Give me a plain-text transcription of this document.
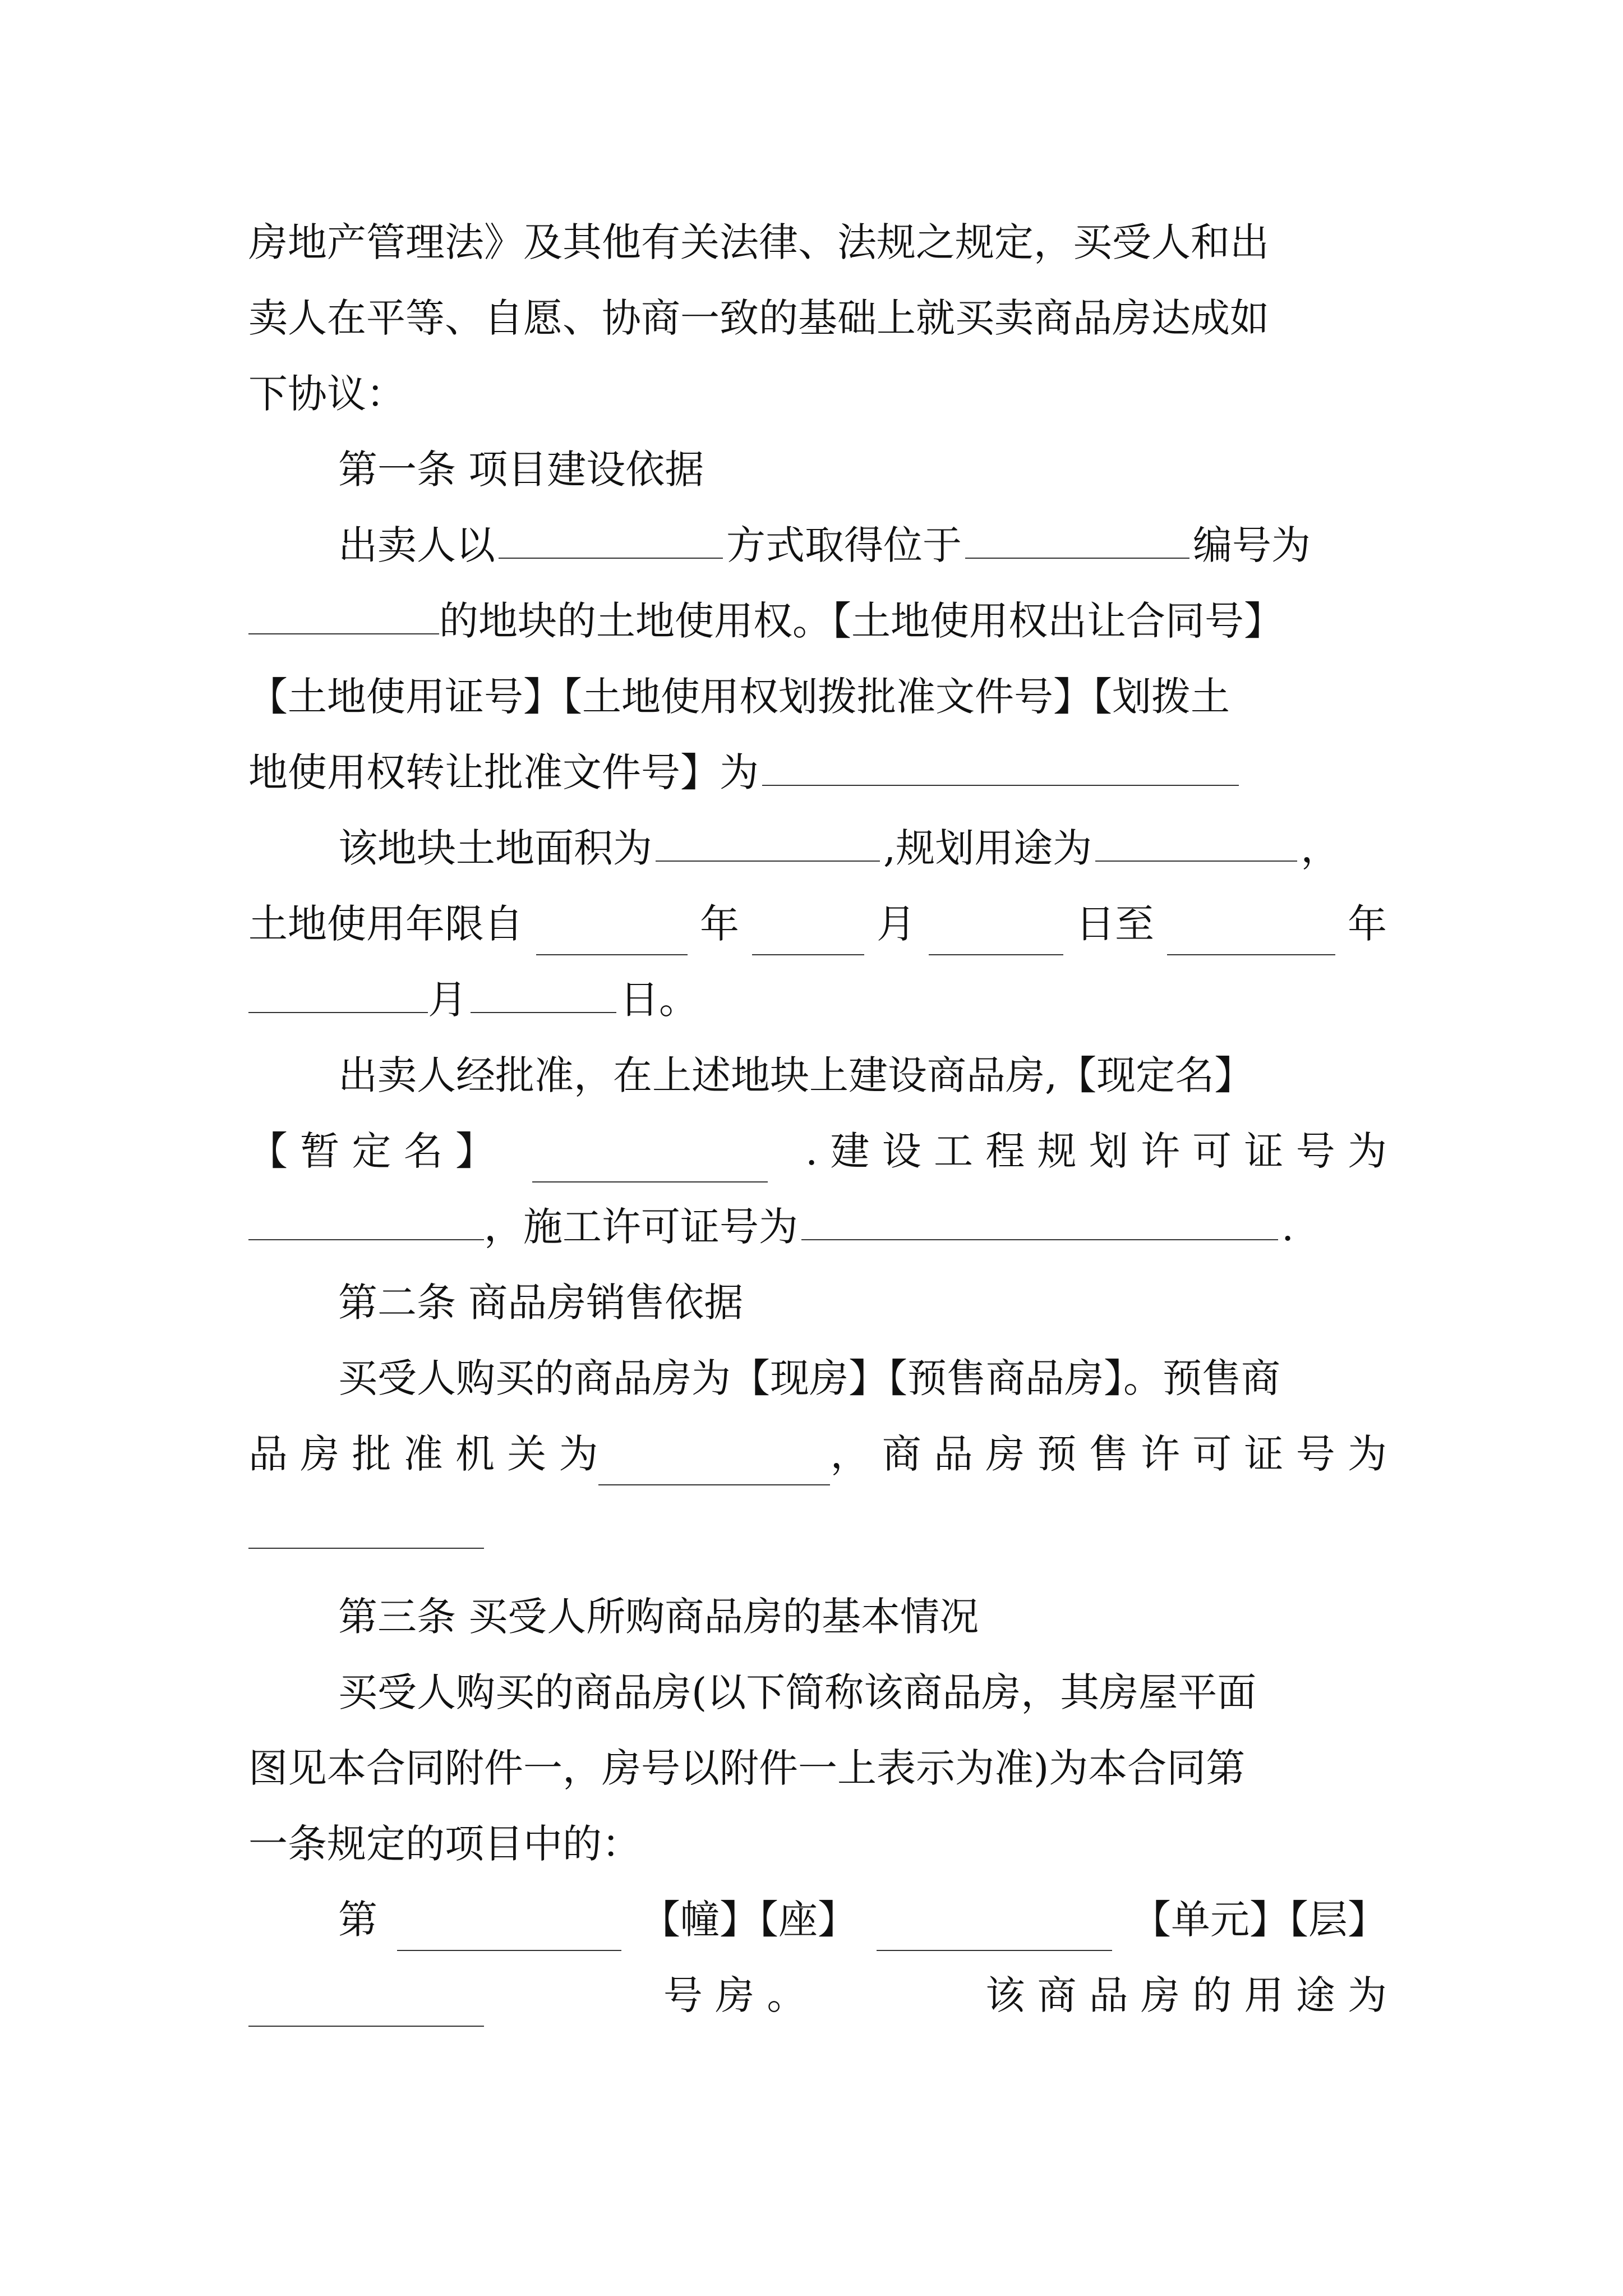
房地产管理法》及其他有关法律、法规之规定，买受人和出
卖人在平等、自愿、协商一致的基础上就买卖商品房达成如
下协议：
第一条 项目建设依据
出卖人以	方式取得位于	编号为
的地块的土地使用权。【土地使用权出让合同号】
【土地使用证号】【土地使用权划拨批准文件号】【划拨土
地使用权转让批准文件号】为
该地块土地面积为	,规划用途为	，
土地使用年限自	年	月	日至	年
月	日。
出卖人经批准，在上述地块上建设商品房,【现定名】
【 暂 定 名 】	. 建 设 工 程 规 划 许 可 证 号 为
，施工许可证号为	.
第二条 商品房销售依据
买受人购买的商品房为【现房】【预售商品房】。预售商
品 房 批 准 机 关 为	， 商 品 房 预 售 许 可 证 号 为
第三条 买受人所购商品房的基本情况
买受人购买的商品房(以下简称该商品房，其房屋平面
图见本合同附件一，房号以附件一上表示为准)为本合同第
一条规定的项目中的：
第	【幢】【座】	【单元】【层】
号 房 。	该 商 品 房 的 用 途 为
